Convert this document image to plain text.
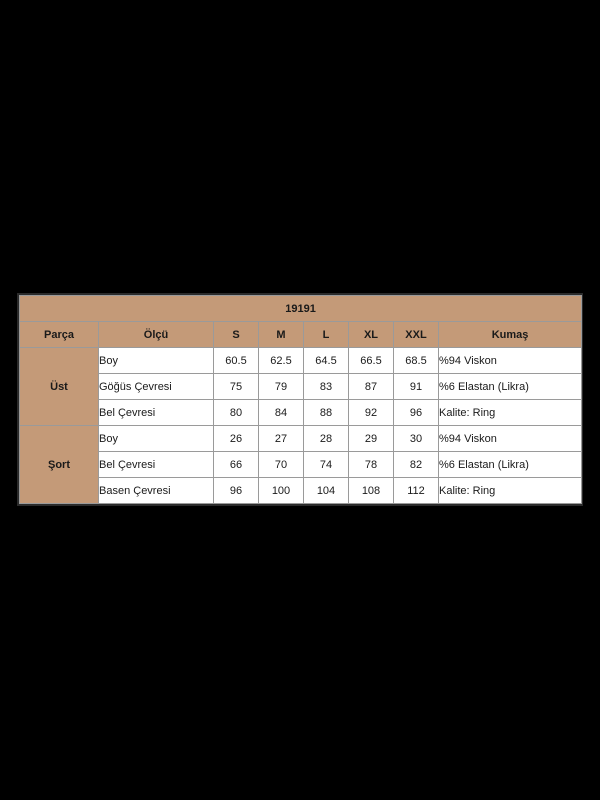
19191							
Parça	Ölçü	S	M	L	XL	XXL	Kumaş
Üst	Boy	60.5	62.5	64.5	66.5	68.5	%94 Viskon
	Göğüs Çevresi	75	79	83	87	91	%6 Elastan (Likra)
	Bel Çevresi	80	84	88	92	96	Kalite: Ring
Şort	Boy	26	27	28	29	30	%94 Viskon
	Bel Çevresi	66	70	74	78	82	%6 Elastan (Likra)
	Basen Çevresi	96	100	104	108	112	Kalite: Ring
